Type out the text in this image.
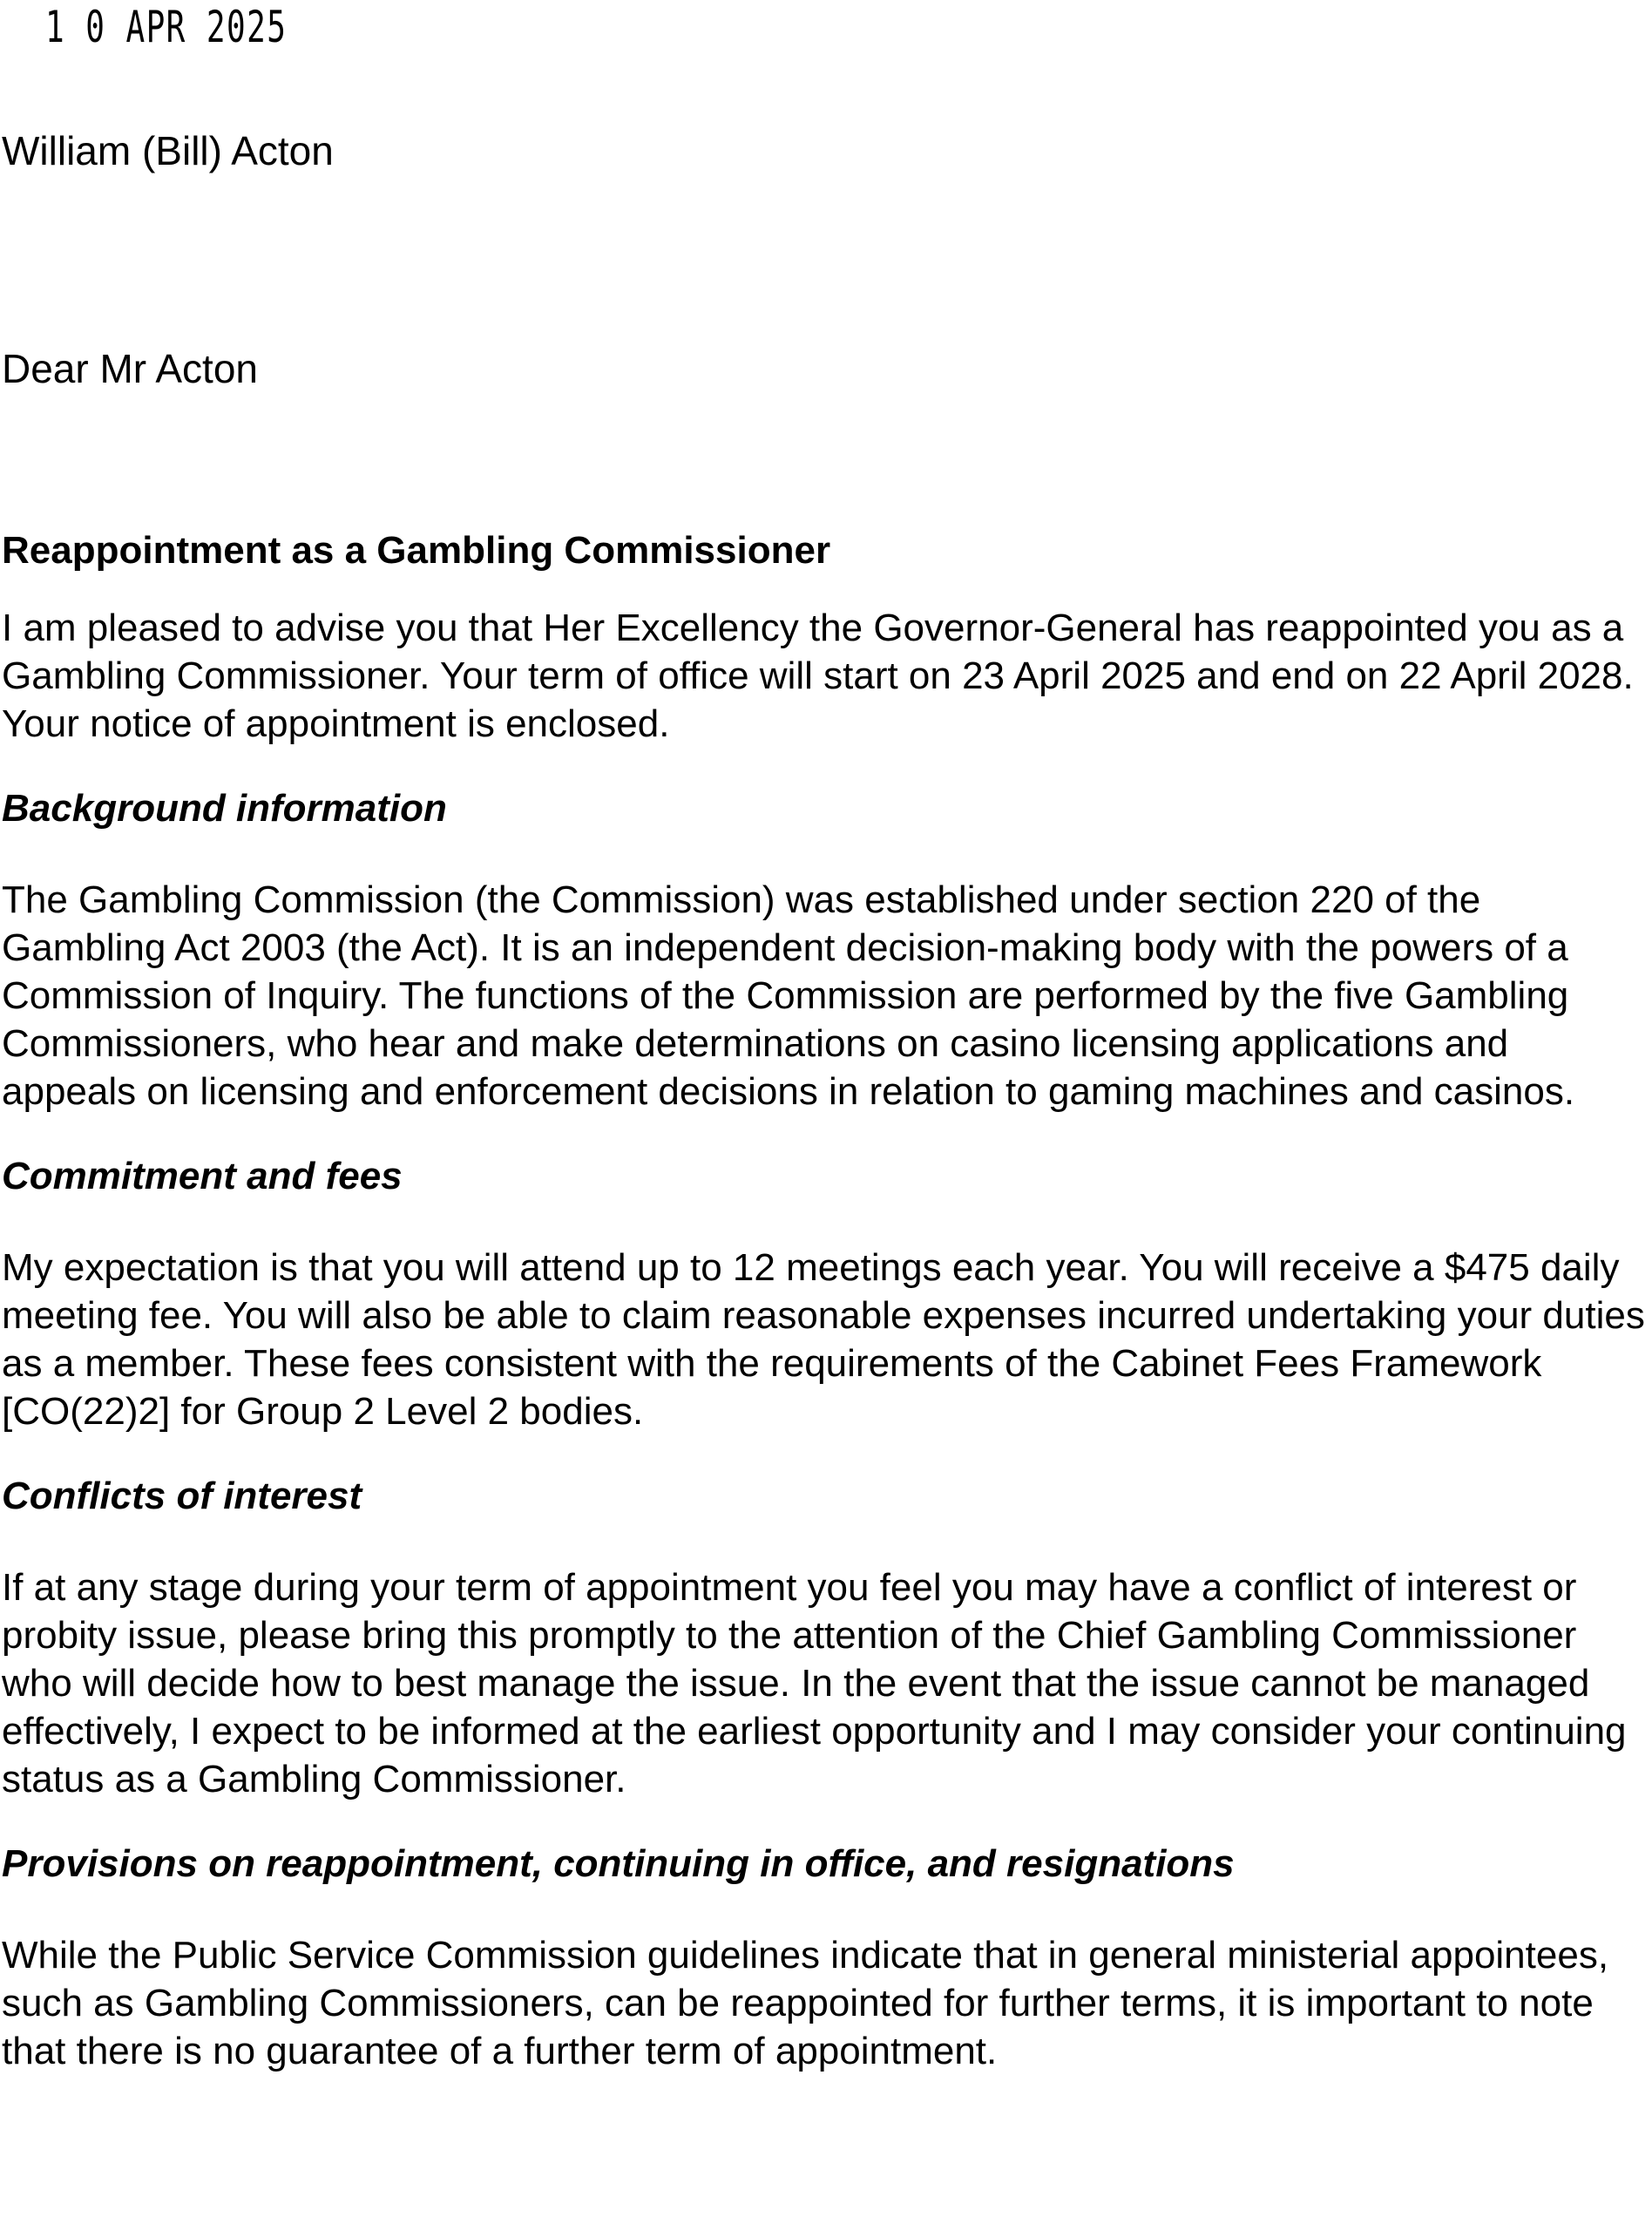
1 0 APR 2025
William (Bill) Acton
Dear Mr Acton
Reappointment as a Gambling Commissioner

I am pleased to advise you that Her Excellency the Governor-General has reappointed you as a Gambling Commissioner. Your term of office will start on 23 April 2025 and end on 22 April 2028. Your notice of appointment is enclosed.

Background information

The Gambling Commission (the Commission) was established under section 220 of the Gambling Act 2003 (the Act). It is an independent decision-making body with the powers of a Commission of Inquiry. The functions of the Commission are performed by the five Gambling Commissioners, who hear and make determinations on casino licensing applications and appeals on licensing and enforcement decisions in relation to gaming machines and casinos.

Commitment and fees

My expectation is that you will attend up to 12 meetings each year. You will receive a $475 daily meeting fee. You will also be able to claim reasonable expenses incurred undertaking your duties as a member. These fees consistent with the requirements of the Cabinet Fees Framework [CO(22)2] for Group 2 Level 2 bodies.

Conflicts of interest

If at any stage during your term of appointment you feel you may have a conflict of interest or probity issue, please bring this promptly to the attention of the Chief Gambling Commissioner who will decide how to best manage the issue. In the event that the issue cannot be managed effectively, I expect to be informed at the earliest opportunity and I may consider your continuing status as a Gambling Commissioner.

Provisions on reappointment, continuing in office, and resignations

While the Public Service Commission guidelines indicate that in general ministerial appointees, such as Gambling Commissioners, can be reappointed for further terms, it is important to note that there is no guarantee of a further term of appointment.
